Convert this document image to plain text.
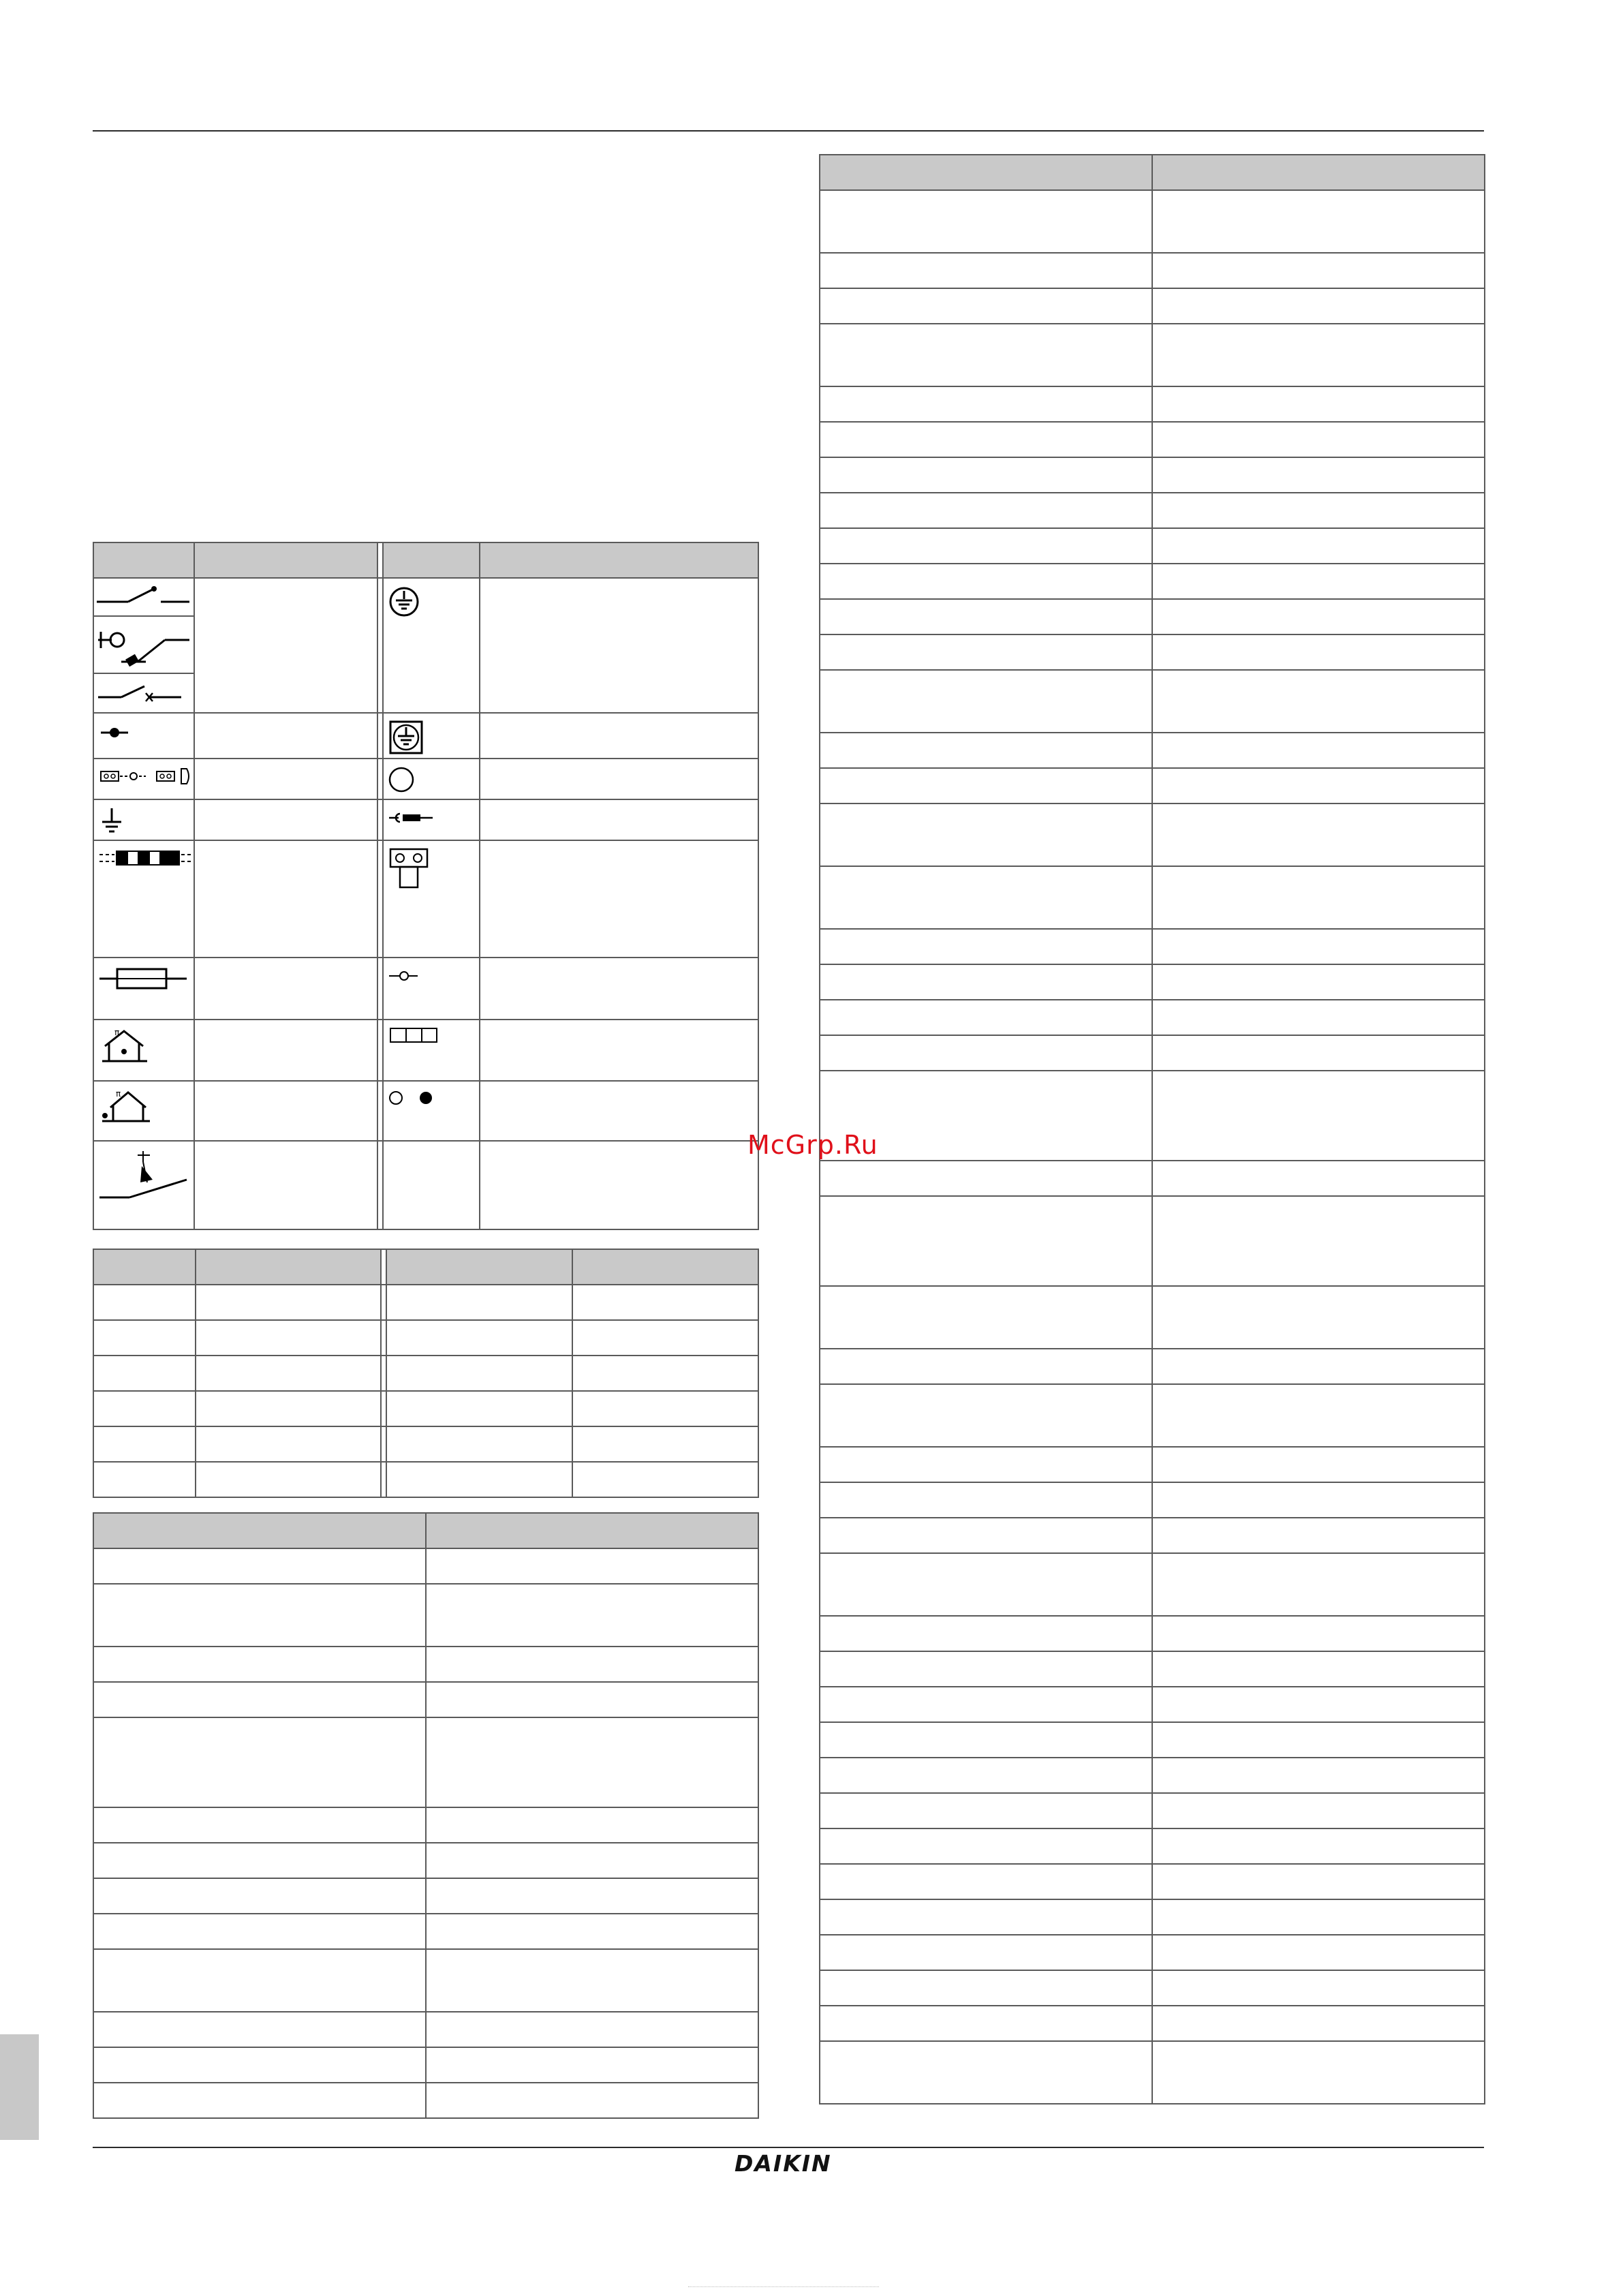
π

π

McGrp.Ru
DAIKIN
